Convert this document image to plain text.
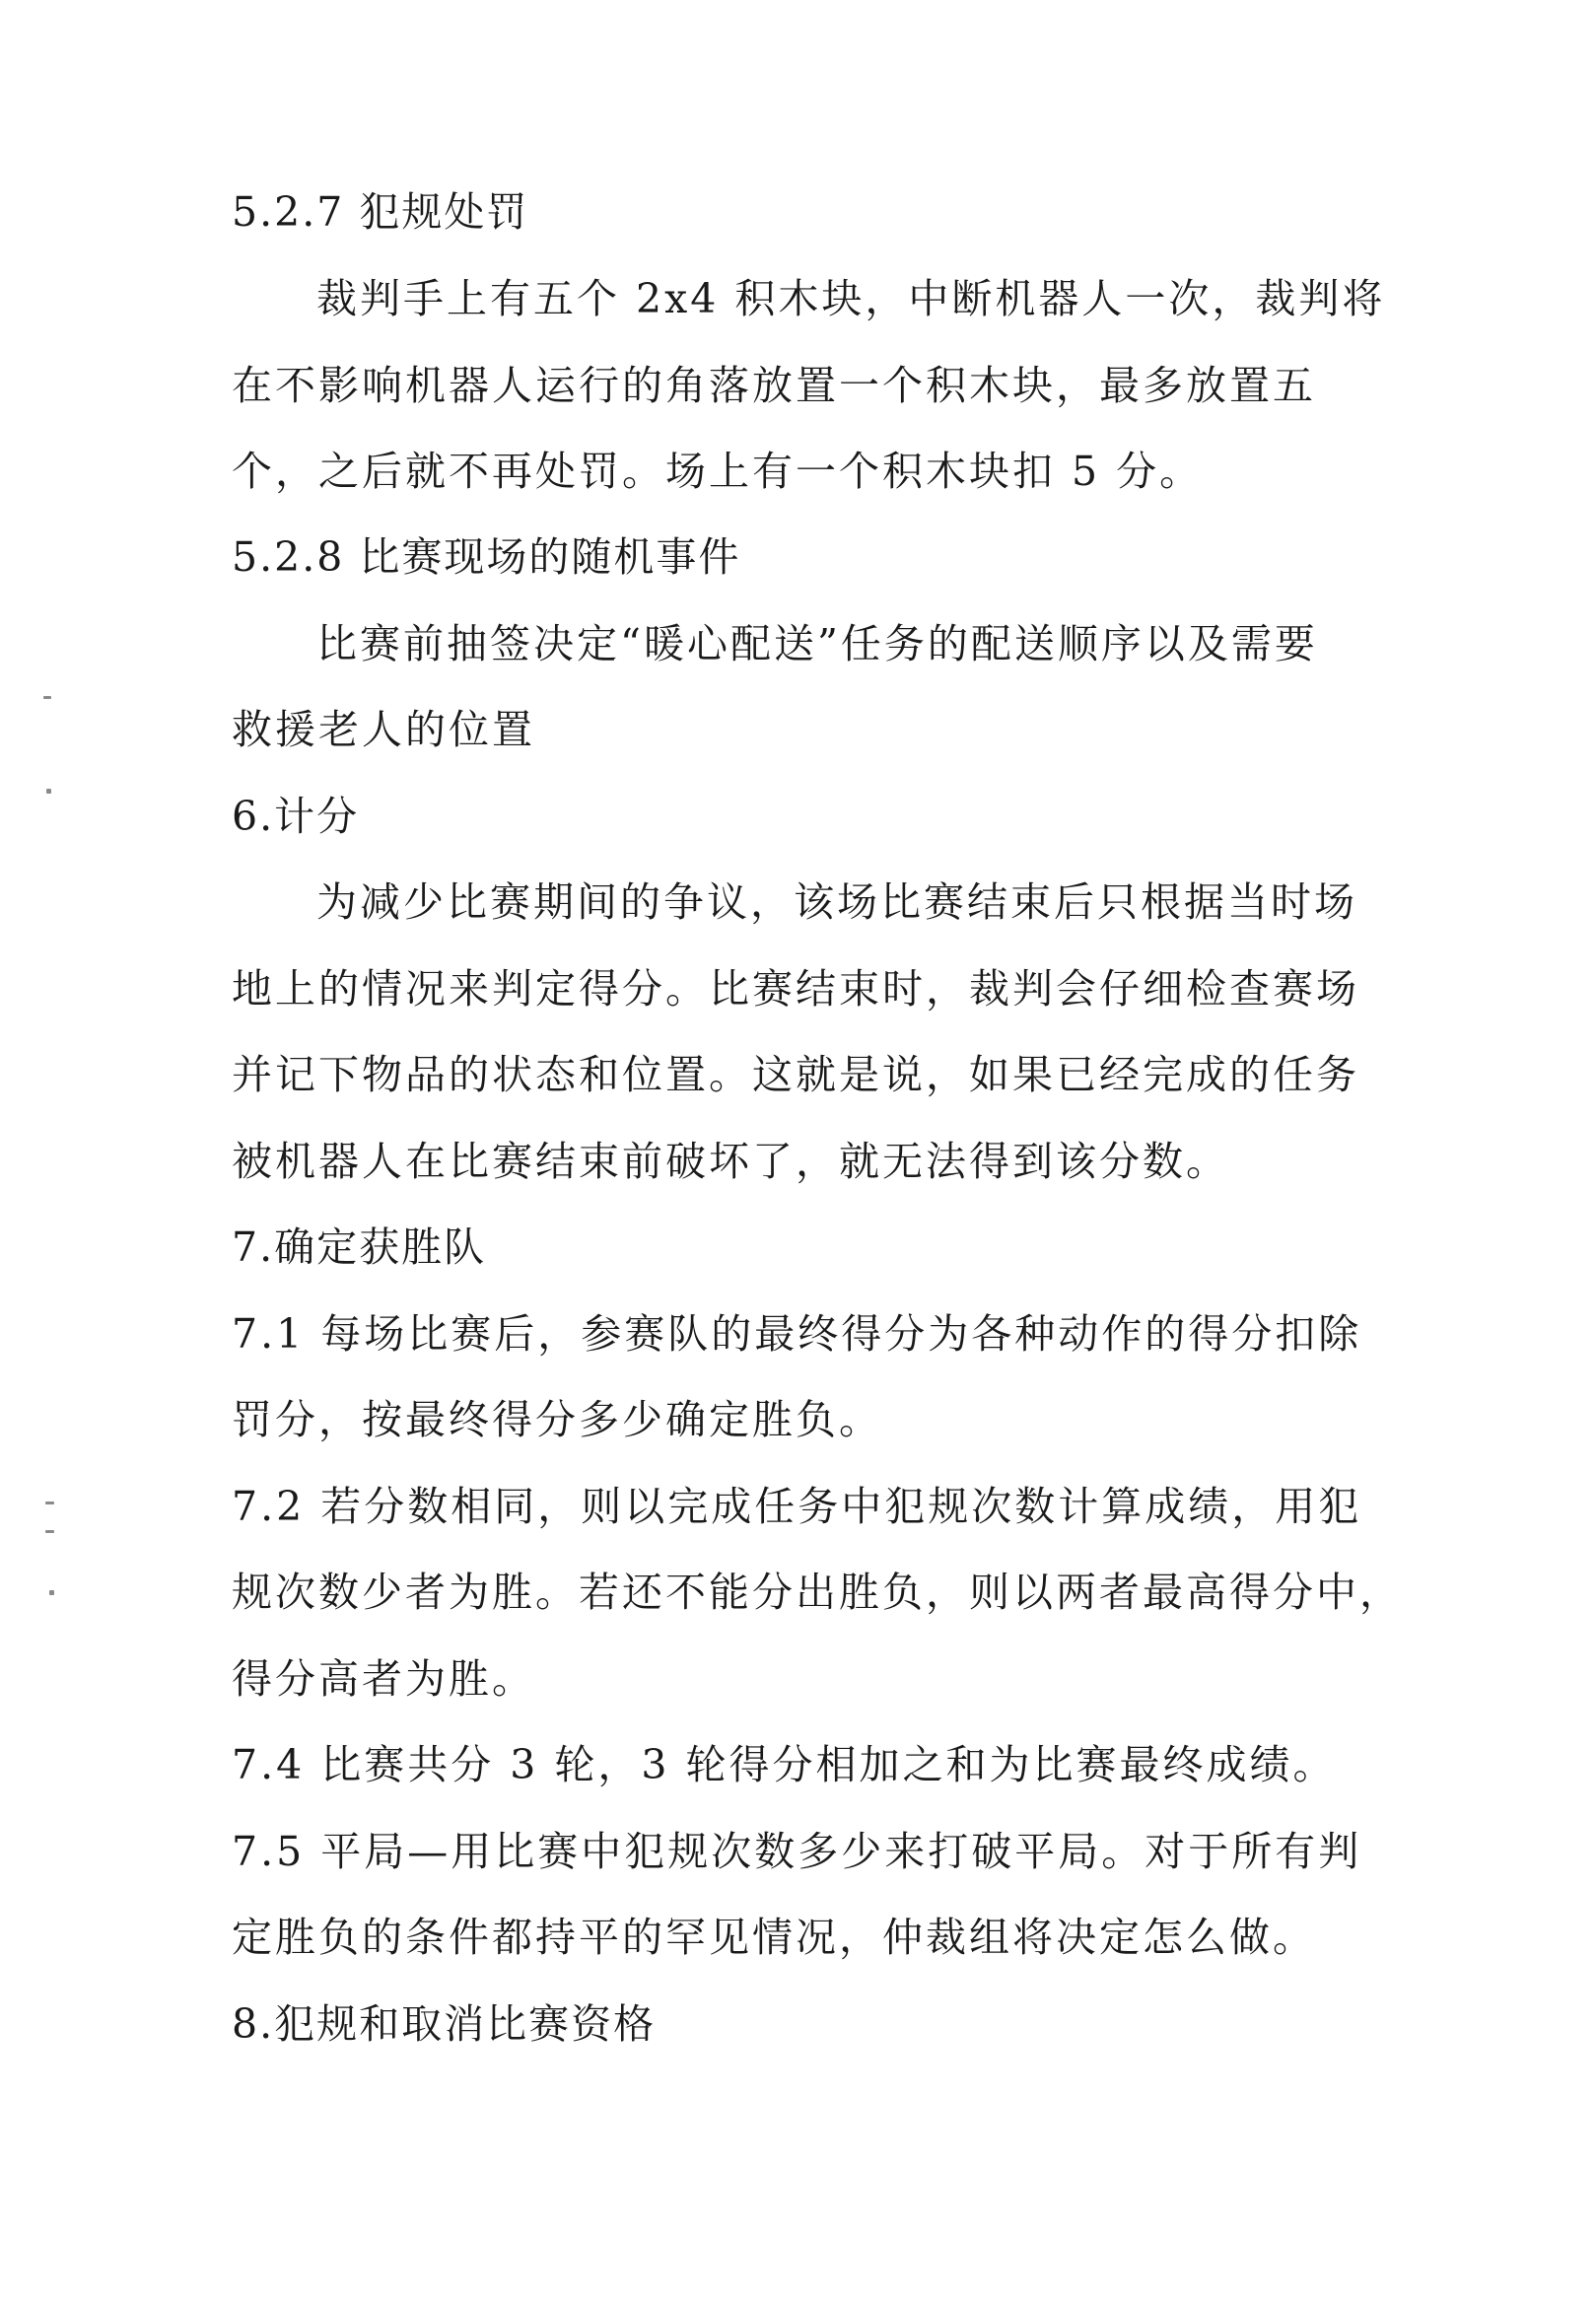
5.2.7 犯规处罚
裁判手上有五个 2x4 积木块，中断机器人一次，裁判将
在不影响机器人运行的角落放置一个积木块，最多放置五
个，之后就不再处罚。场上有一个积木块扣 5 分。
5.2.8 比赛现场的随机事件
比赛前抽签决定“暖心配送”任务的配送顺序以及需要
救援老人的位置
6.计分
为减少比赛期间的争议，该场比赛结束后只根据当时场
地上的情况来判定得分。比赛结束时，裁判会仔细检查赛场
并记下物品的状态和位置。这就是说，如果已经完成的任务
被机器人在比赛结束前破坏了，就无法得到该分数。
7.确定获胜队
7.1 每场比赛后，参赛队的最终得分为各种动作的得分扣除
罚分，按最终得分多少确定胜负。
7.2 若分数相同，则以完成任务中犯规次数计算成绩，用犯
规次数少者为胜。若还不能分出胜负，则以两者最高得分中，
得分高者为胜。
7.4 比赛共分 3 轮，3 轮得分相加之和为比赛最终成绩。
7.5 平局—用比赛中犯规次数多少来打破平局。对于所有判
定胜负的条件都持平的罕见情况，仲裁组将决定怎么做。
8.犯规和取消比赛资格
